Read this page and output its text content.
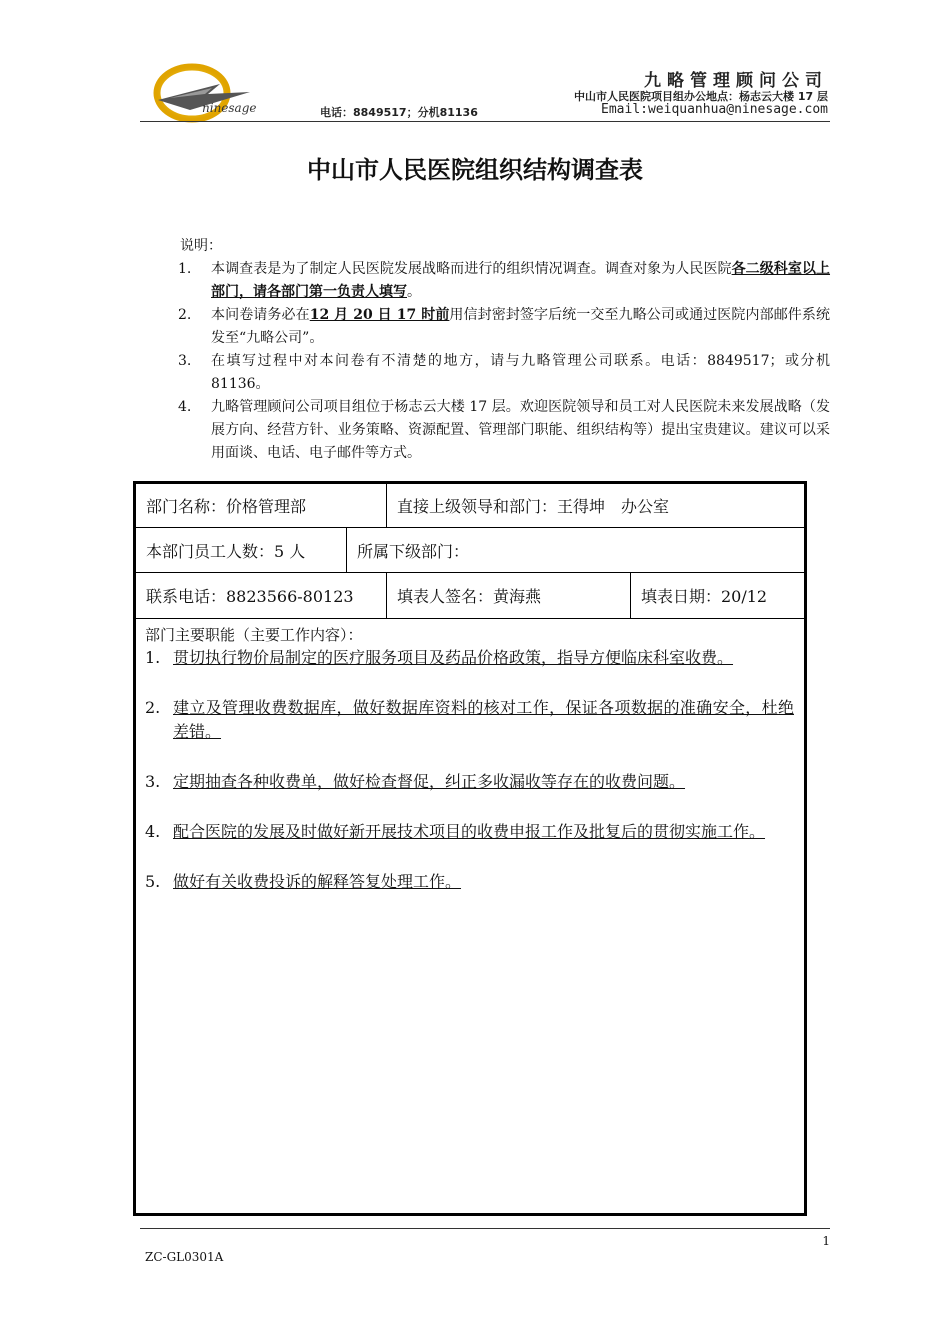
ninesage
九略管理顾问公司
中山市人民医院项目组办公地点：杨志云大楼 17 层
电话：8849517；分机81136	Email:weiquanhua@ninesage.com
中山市人民医院组织结构调查表
说明：
1.	本调查表是为了制定人民医院发展战略而进行的组织情况调查。调查对象为人民医院各二级科室以上部门，请各部门第一负责人填写。
2.	本问卷请务必在12 月 20 日 17 时前用信封密封签字后统一交至九略公司或通过医院内部邮件系统发至“九略公司”。
3.	在填写过程中对本问卷有不清楚的地方，请与九略管理公司联系。电话：8849517；或分机 81136。
4.	九略管理顾问公司项目组位于杨志云大楼 17 层。欢迎医院领导和员工对人民医院未来发展战略（发展方向、经营方针、业务策略、资源配置、管理部门职能、组织结构等）提出宝贵建议。建议可以采用面谈、电话、电子邮件等方式。
部门名称：价格管理部	直接上级领导和部门：王得坤　办公室
本部门员工人数：5 人	所属下级部门：
联系电话：8823566-80123	填表人签名：黄海燕	填表日期：20/12
部门主要职能（主要工作内容）：
1. 贯切执行物价局制定的医疗服务项目及药品价格政策，指导方便临床科室收费。
2. 建立及管理收费数据库，做好数据库资料的核对工作，保证各项数据的准确安全，杜绝差错。
3. 定期抽查各种收费单，做好检查督促，纠正多收漏收等存在的收费问题。
4. 配合医院的发展及时做好新开展技术项目的收费申报工作及批复后的贯彻实施工作。
5. 做好有关收费投诉的解释答复处理工作。
1
ZC-GL0301A
